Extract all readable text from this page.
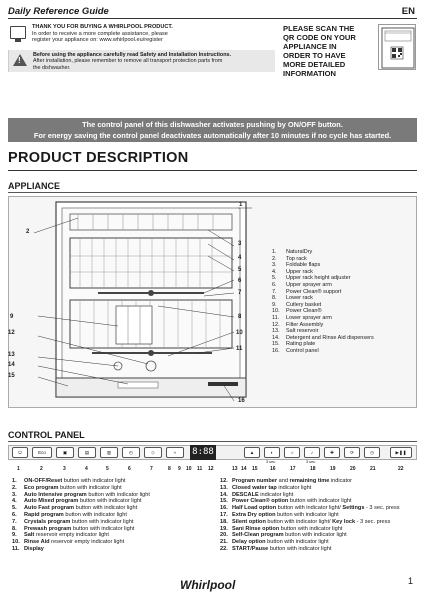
Daily Reference Guide	EN
THANK YOU FOR BUYING A WHIRLPOOL PRODUCT.
In order to receive a more complete assistance, please
register your appliance on: www.whirlpool.eu/register
!
Before using the appliance carefully read Safety and Installation Instructions.
After installation, please remember to remove all transport protection parts from
the dishwasher.
PLEASE SCAN THE
QR CODE ON YOUR
APPLIANCE IN
ORDER TO HAVE
MORE DETAILED
INFORMATION
The control panel of this dishwasher activates pushing by ON/OFF button.
For energy saving the control panel deactivates automatically after 10 minutes if no cycle has started.
PRODUCT DESCRIPTION
APPLIANCE
1
2
3
4
5
6
7
8
9
10
11
12
13
14
15
16
1. NaturalDry
2. Top rack
3. Foldable flaps
4. Upper rack
5. Upper rack height adjuster
6. Upper sprayer arm
7. Power Clean® support
8. Lower rack
9. Cutlery basket
10. Power Clean®
11. Lower sprayer arm
12. Filter Assembly
13. Salt reservoir
14. Detergent and Rinse Aid dispensers
15. Rating plate
16. Control panel
CONTROL PANEL
⏻	Eco	▣	▤	▥	◴	◇	≈	8:88	▲	◐	☼	♪	✚	⟳	◷	▶❚❚
1	2	3	4	5	6	7	8 9 10 11 12	13 14 15 16	17	18	19	20	21	22
3 sec.	3 sec.
1. ON-OFF/Reset button with indicator light
2. Eco program button with indicator light
3. Auto Intensive program button with indicator light
4. Auto Mixed program button with indicator light
5. Auto Fast program button with indicator light
6. Rapid program button with indicator light
7. Crystals program button with indicator light
8. Prewash program button with indicator light
9. Salt reservoir empty indicator light
10. Rinse Aid reservoir empty indicator light
11. Display
12. Program number and remaining time indicator
13. Closed water tap indicator light
14. DESCALE indicator light
15. Power Clean® option button with indicator light
16. Half Load option button with indicator light/ Settings - 3 sec. press
17. Extra Dry option button with indicator light
18. Silent option button with indicator light/ Key lock - 3 sec. press
19. Sani Rinse option button with indicator light
20. Self-Clean program button with indicator light
21. Delay option button with indicator light
22. START/Pause button with indicator light
Whirlpool	1
